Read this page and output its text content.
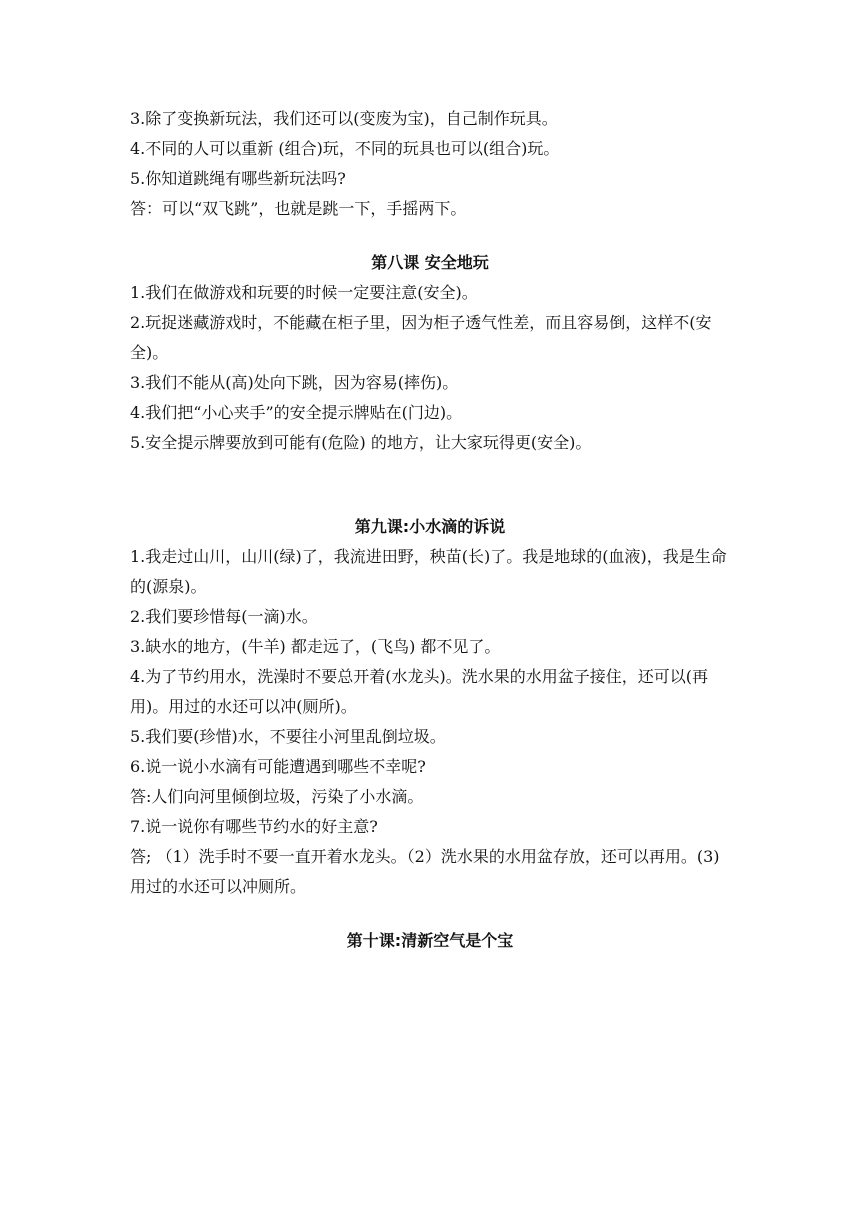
3.除了变换新玩法，我们还可以(变废为宝)，自己制作玩具。

4.不同的人可以重新 (组合)玩，不同的玩具也可以(组合)玩。

5.你知道跳绳有哪些新玩法吗?

答：可以“双飞跳”，也就是跳一下，手摇两下。

第八课 安全地玩

1.我们在做游戏和玩要的时候一定要注意(安全)。

2.玩捉迷藏游戏时，不能藏在柜子里，因为柜子透气性差，而且容易倒，这样不(安全)。

3.我们不能从(高)处向下跳，因为容易(摔伤)。

4.我们把“小心夹手”的安全提示牌贴在(门边)。

5.安全提示牌要放到可能有(危险) 的地方，让大家玩得更(安全)。

第九课:小水滴的诉说

1.我走过山川，山川(绿)了，我流进田野，秧苗(长)了。我是地球的(血液)，我是生命的(源泉)。

2.我们要珍惜每(一滴)水。

3.缺水的地方，(牛羊) 都走远了，(飞鸟) 都不见了。

4.为了节约用水，洗澡时不要总开着(水龙头)。洗水果的水用盆子接住，还可以(再用)。用过的水还可以冲(厕所)。

5.我们要(珍惜)水，不要往小河里乱倒垃圾。

6.说一说小水滴有可能遭遇到哪些不幸呢?

答:人们向河里倾倒垃圾，污染了小水滴。

7.说一说你有哪些节约水的好主意?

答; （1）洗手时不要一直开着水龙头。（2）洗水果的水用盆存放，还可以再用。(3)用过的水还可以冲厕所。

第十课:清新空气是个宝
